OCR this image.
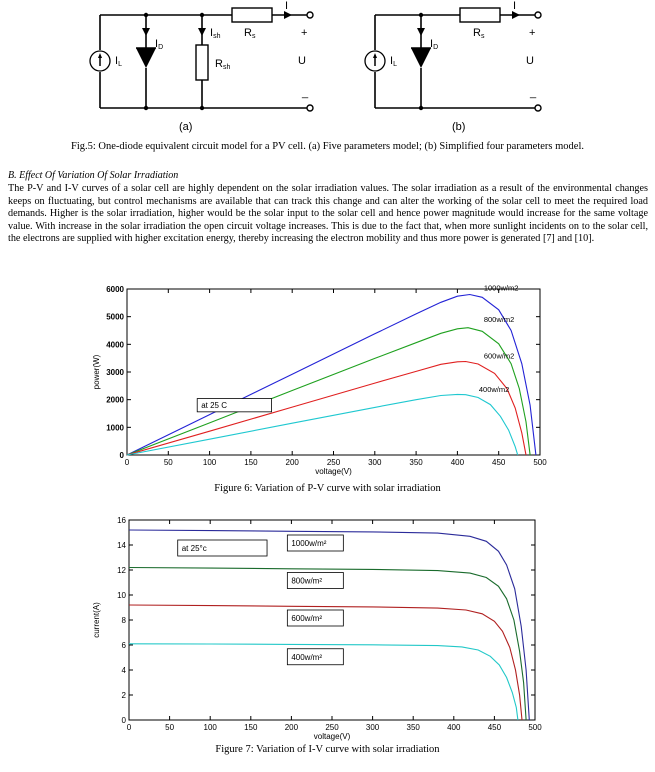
I
Rs	+
U
_
IL
ID
Ish
Rsh
(a)
I
Rs	+
U
_
IL
ID
(b)
Fig.5: One-diode equivalent circuit model for a PV cell. (a) Five parameters model; (b) Simplified four parameters model.
B. Effect Of Variation Of Solar Irradiation
The P-V and I-V curves of a solar cell are highly dependent on the solar irradiation values. The solar irradiation as a result of the environmental changes keeps on fluctuating, but control mechanisms are available that can track this change and can alter the working of the solar cell to meet the required load demands. Higher is the solar irradiation, higher would be the solar input to the solar cell and hence power magnitude would increase for the same voltage value. With increase in the solar irradiation the open circuit voltage increases. This is due to the fact that, when more sunlight incidents on to the solar cell, the electrons are supplied with higher excitation energy, thereby increasing the electron mobility and thus more power is generated [7] and [10].
0	50	100	150	200	250	300	350	400	450	500
0
1000
2000
3000
4000
5000
6000
voltage(V)
power(W)
1000w/m2
800w/m2
600w/m2
400w/m2
at 25 C
Figure 6: Variation of P-V curve with solar irradiation
0	50	100	150	200	250	300	350	400	450	500
0
2
4
6
8
10
12
14
16
voltage(V)
current(A)
1000w/m²
800w/m²
600w/m²
400w/m²
at 25°c
Figure 7: Variation of I-V curve with solar irradiation
